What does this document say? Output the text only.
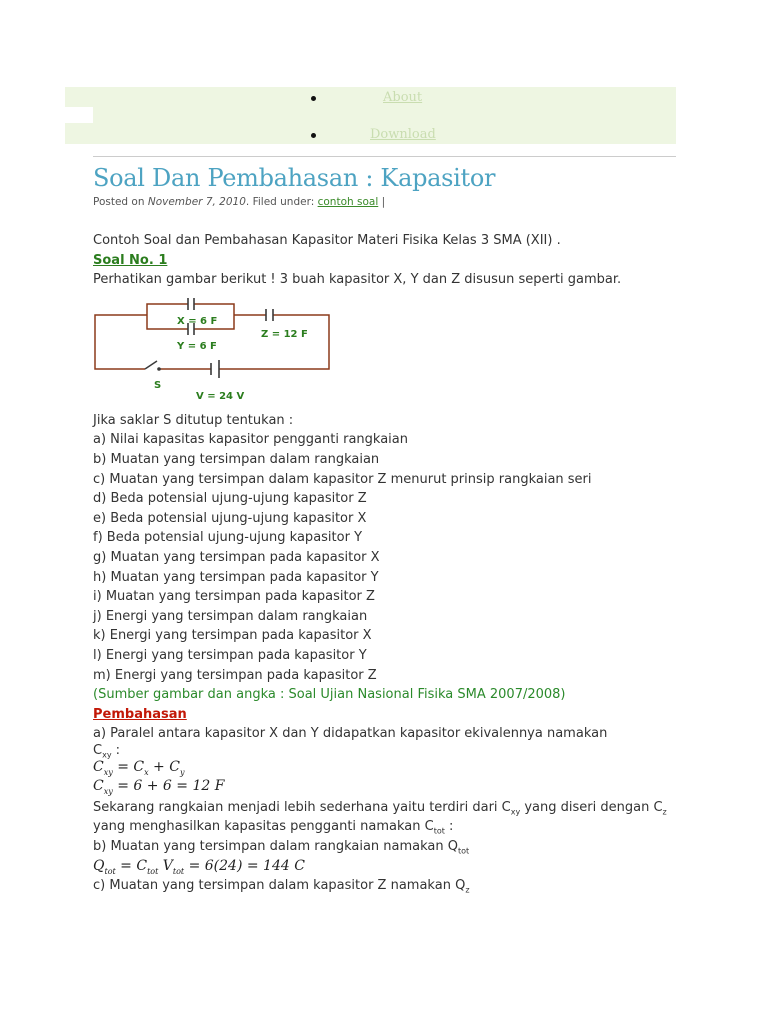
About
Download
Soal Dan Pembahasan : Kapasitor
Posted on November 7, 2010. Filed under: contoh soal |

Contoh Soal dan Pembahasan Kapasitor Materi Fisika Kelas 3 SMA (XII) .

Soal No. 1

Perhatikan gambar berikut ! 3 buah kapasitor X, Y dan Z disusun seperti gambar.

X = 6 F
Y = 6 F
Z = 12 F
S
V = 24 V

Jika saklar S ditutup tentukan :

a) Nilai kapasitas kapasitor pengganti rangkaian

b) Muatan yang tersimpan dalam rangkaian

c) Muatan yang tersimpan dalam kapasitor Z menurut prinsip rangkaian seri

d) Beda potensial ujung-ujung kapasitor Z

e) Beda potensial ujung-ujung kapasitor X

f) Beda potensial ujung-ujung kapasitor Y

g) Muatan yang tersimpan pada kapasitor X

h) Muatan yang tersimpan pada kapasitor Y

i) Muatan yang tersimpan pada kapasitor Z

j) Energi yang tersimpan dalam rangkaian

k) Energi yang tersimpan pada kapasitor X

l) Energi yang tersimpan pada kapasitor Y

m) Energi yang tersimpan pada kapasitor Z

(Sumber gambar dan angka : Soal Ujian Nasional Fisika SMA 2007/2008)

Pembahasan

a) Paralel antara kapasitor X dan Y didapatkan kapasitor ekivalennya namakan

$C_{xy}$ :

$C_{xy} = C_x + C_y$
$C_{xy} = 6 + 6 = 12$ F

Sekarang rangkaian menjadi lebih sederhana yaitu terdiri dari $C_{xy}$ yang diseri dengan $C_z$ yang menghasilkan kapasitas pengganti namakan $C_{tot}$ :

b) Muatan yang tersimpan dalam rangkaian namakan $Q_{tot}$

$Q_{tot} = C_{tot}$ $V_{tot} = 6(24) = 144$ C

c) Muatan yang tersimpan dalam kapasitor Z namakan $Q_z$
